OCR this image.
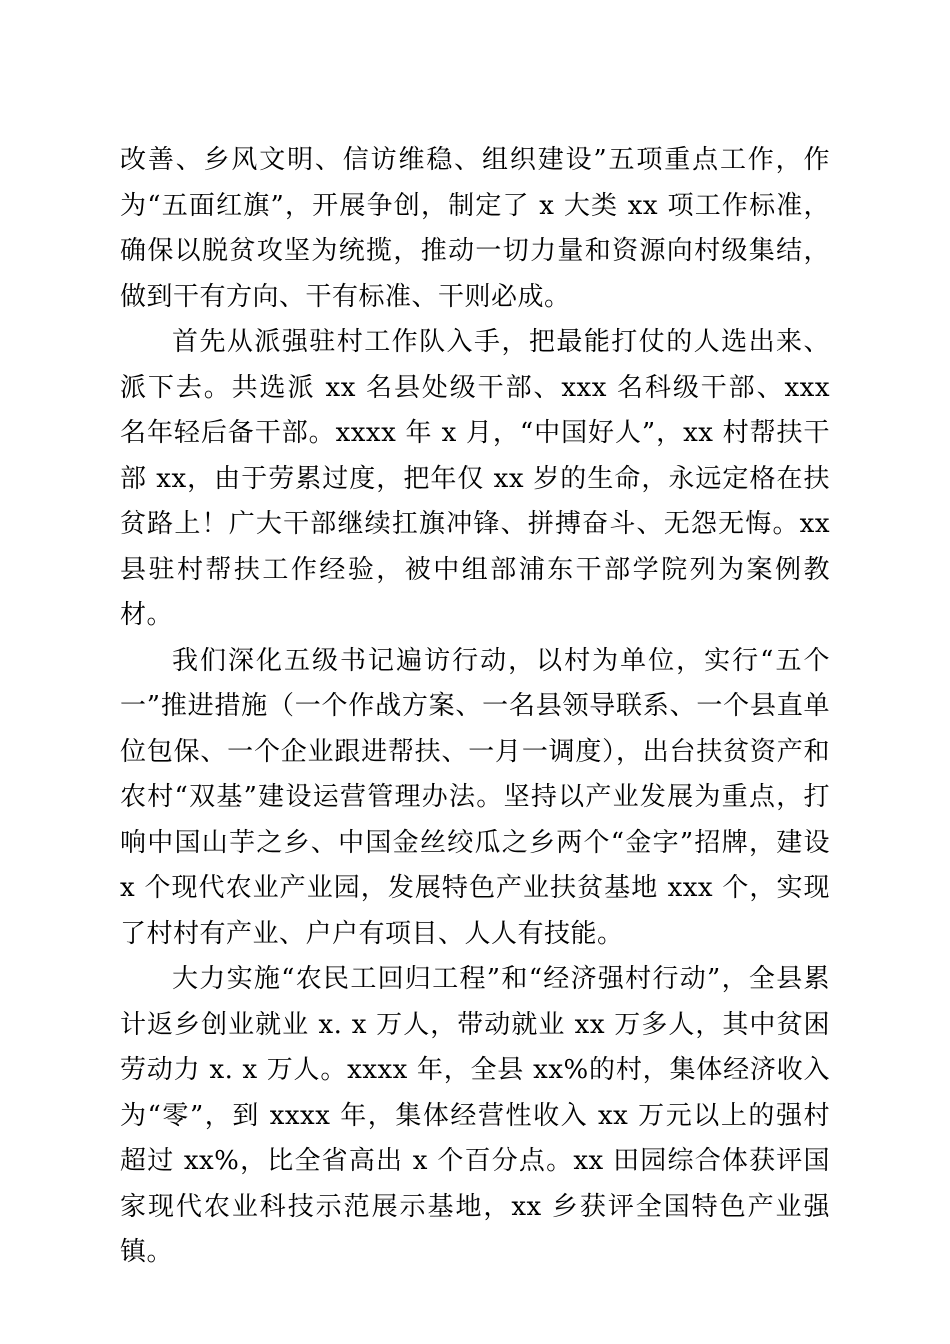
改善、乡风文明、信访维稳、组织建设”五项重点工作，作为“五面红旗”，开展争创，制定了 x 大类 xx 项工作标准，确保以脱贫攻坚为统揽，推动一切力量和资源向村级集结，做到干有方向、干有标准、干则必成。

首先从派强驻村工作队入手，把最能打仗的人选出来、派下去。共选派 xx 名县处级干部、xxx 名科级干部、xxx 名年轻后备干部。xxxx 年 x 月，“中国好人”，xx 村帮扶干部 xx，由于劳累过度，把年仅 xx 岁的生命，永远定格在扶贫路上！广大干部继续扛旗冲锋、拼搏奋斗、无怨无悔。xx 县驻村帮扶工作经验，被中组部浦东干部学院列为案例教材。

我们深化五级书记遍访行动，以村为单位，实行“五个一”推进措施（一个作战方案、一名县领导联系、一个县直单位包保、一个企业跟进帮扶、一月一调度），出台扶贫资产和农村“双基”建设运营管理办法。坚持以产业发展为重点，打响中国山芋之乡、中国金丝绞瓜之乡两个“金字”招牌，建设 x 个现代农业产业园，发展特色产业扶贫基地 xxx 个，实现了村村有产业、户户有项目、人人有技能。

大力实施“农民工回归工程”和“经济强村行动”，全县累计返乡创业就业 x. x 万人，带动就业 xx 万多人，其中贫困劳动力 x. x 万人。xxxx 年，全县 xx%的村，集体经济收入为“零”，到 xxxx 年，集体经营性收入 xx 万元以上的强村超过 xx%，比全省高出 x 个百分点。xx 田园综合体获评国家现代农业科技示范展示基地，xx 乡获评全国特色产业强镇。
